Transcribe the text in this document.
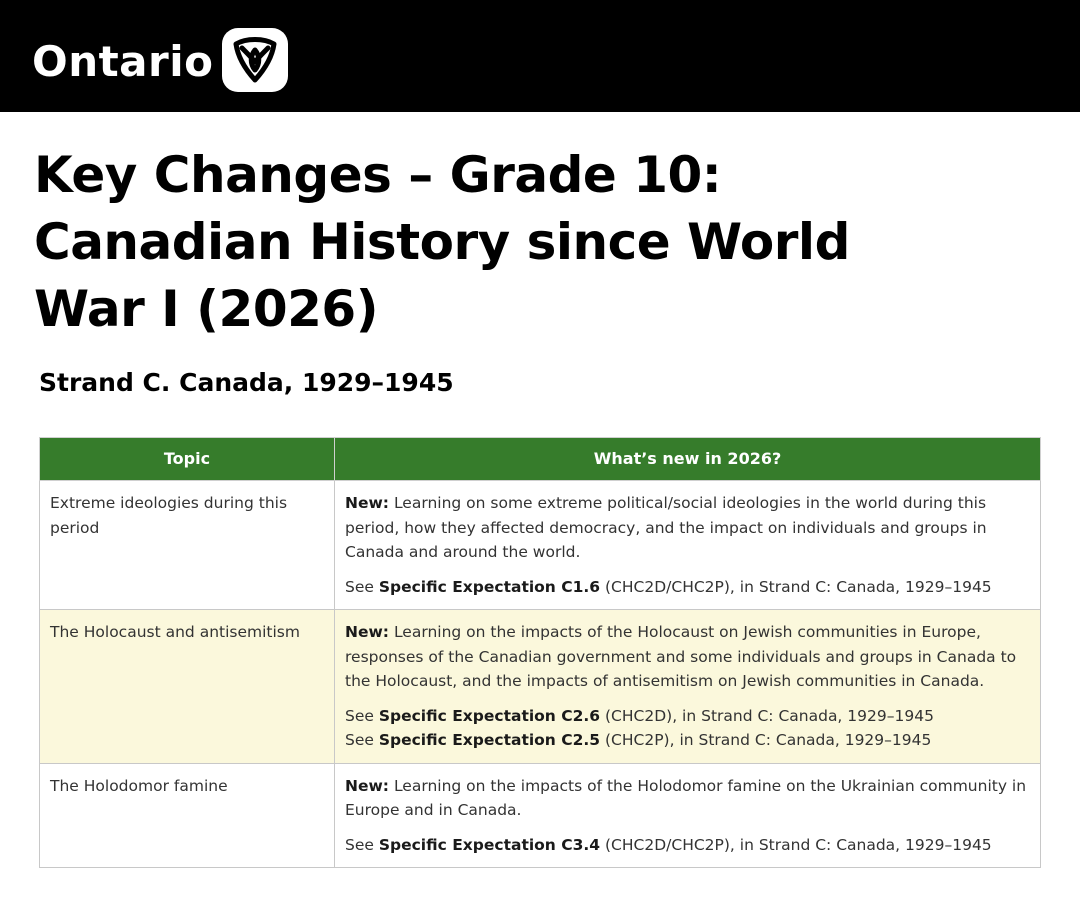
Ontario
Key Changes – Grade 10:
Canadian History since World
War I (2026)
Strand C. Canada, 1929–1945
Topic	What’s new in 2026?
Extreme ideologies during this period	New: Learning on some extreme political/social ideologies in the world during this period, how they affected democracy, and the impact on individuals and groups in Canada and around the world.

See Specific Expectation C1.6 (CHC2D/CHC2P), in Strand C: Canada, 1929–1945

The Holocaust and antisemitism	New: Learning on the impacts of the Holocaust on Jewish communities in Europe, responses of the Canadian government and some individuals and groups in Canada to the Holocaust, and the impacts of antisemitism on Jewish communities in Canada.

See Specific Expectation C2.6 (CHC2D), in Strand C: Canada, 1929–1945

See Specific Expectation C2.5 (CHC2P), in Strand C: Canada, 1929–1945

The Holodomor famine	New: Learning on the impacts of the Holodomor famine on the Ukrainian community in Europe and in Canada.

See Specific Expectation C3.4 (CHC2D/CHC2P), in Strand C: Canada, 1929–1945
